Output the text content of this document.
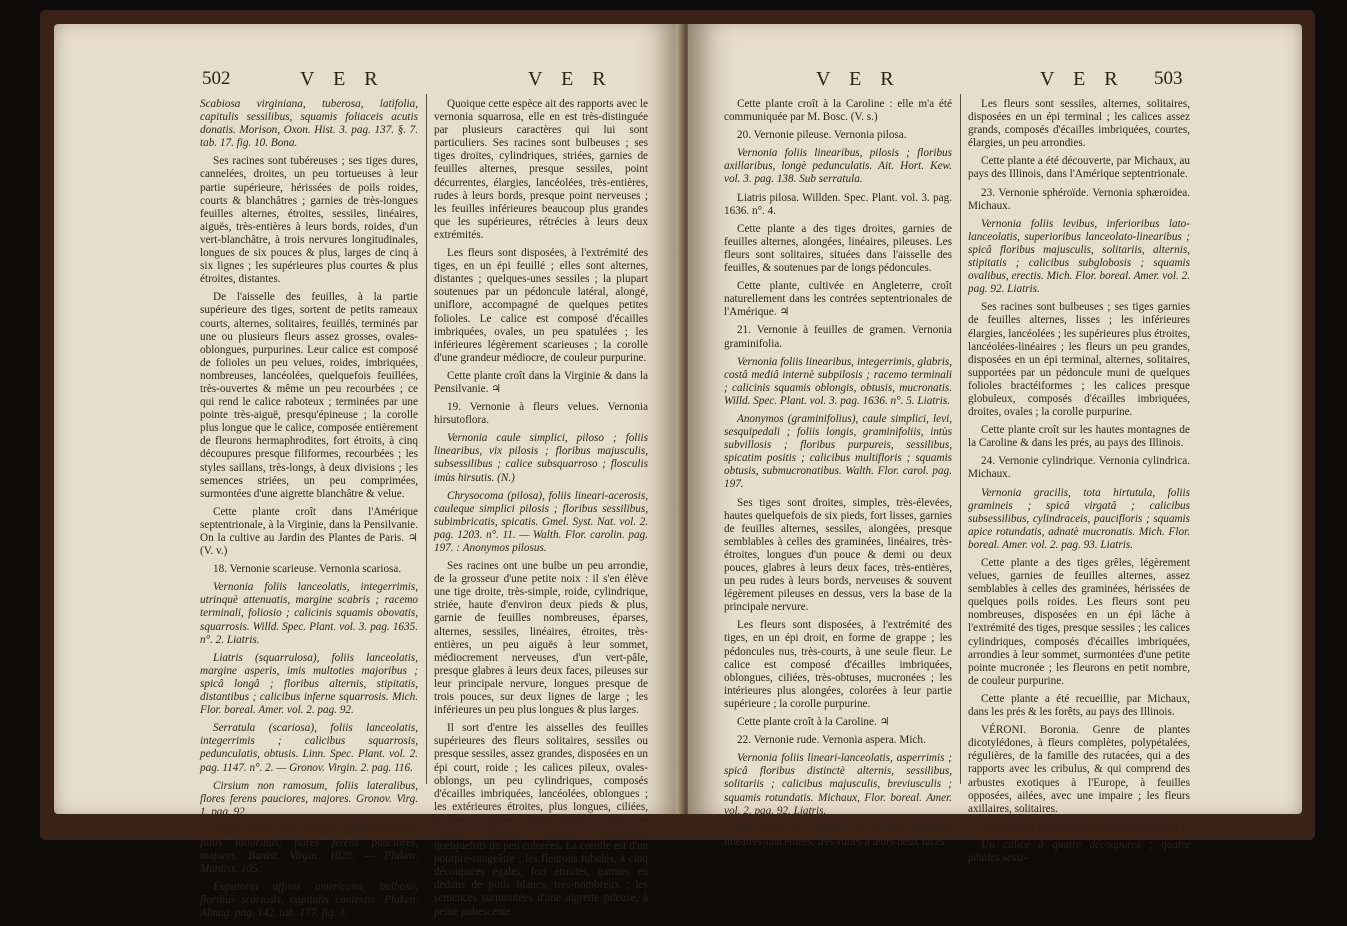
502	V E R	V E R

Scabiosa virginiana, tuberosa, latifolia, capitulis sessilibus, squamis foliaceis acutis donatis. Morison, Oxon. Hist. 3. pag. 137. §. 7. tab. 17. fig. 10. Bona.

Ses racines sont tubéreuses ; ses tiges dures, cannelées, droites, un peu tortueuses à leur partie supérieure, hérissées de poils roides, courts & blanchâtres ; garnies de très-longues feuilles alternes, étroites, sessiles, linéaires, aiguës, très-entières à leurs bords, roides, d'un vert-blanchâtre, à trois nervures longitudinales, longues de six pouces & plus, larges de cinq à six lignes ; les supérieures plus courtes & plus étroites, distantes.

De l'aisselle des feuilles, à la partie supérieure des tiges, sortent de petits rameaux courts, alternes, solitaires, feuillés, terminés par une ou plusieurs fleurs assez grosses, ovales-oblongues, purpurines. Leur calice est composé de folioles un peu velues, roides, imbriquées, nombreuses, lancéolées, quelquefois feuillées, très-ouvertes & même un peu recourbées ; ce qui rend le calice raboteux ; terminées par une pointe très-aiguë, presqu'épineuse ; la corolle plus longue que le calice, composée entièrement de fleurons hermaphrodites, fort étroits, à cinq découpures presque filiformes, recourbées ; les styles saillans, très-longs, à deux divisions ; les semences striées, un peu comprimées, surmontées d'une aigrette blanchâtre & velue.

Cette plante croît dans l'Amérique septentrionale, à la Virginie, dans la Pensilvanie. On la cultive au Jardin des Plantes de Paris. ♃ (V. v.)

18. Vernonie scarieuse. Vernonia scariosa.

Vernonia foliis lanceolatis, integerrimis, utrinquè attenuatis, margine scabris ; racemo terminali, foliosio ; calicinis squamis obovatis, squarrosis. Willd. Spec. Plant. vol. 3. pag. 1635. n°. 2. Liatris.

Liatris (squarrulosa), foliis lanceolatis, margine asperis, imis multoties majoribus ; spicâ longâ ; floribus alternis, stipitatis, distantibus ; calicibus inferne squarrosis. Mich. Flor. boreal. Amer. vol. 2. pag. 92.

Serratula (scariosa), foliis lanceolatis, integerrimis ; calicibus squarrosis, pedunculatis, obtusis. Linn. Spec. Plant. vol. 2. pag. 1147. n°. 2. — Gronov. Virgin. 2. pag. 116.

Cirsium non ramosum, foliis lateralibus, flores ferens pauciores, majores. Gronov. Virg. 1. pag. 92.

Jacea altera, non ramosa, tuberosâ radice, foliis latioribus, flores ferens pauciores, majores. Banist. Virgin. 1028. — Pluken. Mantiss. 105.

Eupatoria affinis americana, bulbosa, floribus scariosis, capitulis contextis. Pluken. Almag. pag. 142. tab. 177. fig. 4.

Quoique cette espèce ait des rapports avec le vernonia squarrosa, elle en est très-distinguée par plusieurs caractères qui lui sont particuliers. Ses racines sont bulbeuses ; ses tiges droites, cylindriques, striées, garnies de feuilles alternes, presque sessiles, point décurrentes, élargies, lancéolées, très-entières, rudes à leurs bords, presque point nerveuses ; les feuilles inférieures beaucoup plus grandes que les supérieures, rétrécies à leurs deux extrémités.

Les fleurs sont disposées, à l'extrémité des tiges, en un épi feuillé ; elles sont alternes, distantes ; quelques-unes sessiles ; la plupart soutenues par un pédoncule latéral, alongé, uniflore, accompagné de quelques petites folioles. Le calice est composé d'écailles imbriquées, ovales, un peu spatulées ; les inférieures légèrement scarieuses ; la corolle d'une grandeur médiocre, de couleur purpurine.

Cette plante croît dans la Virginie & dans la Pensilvanie. ♃

19. Vernonie à fleurs velues. Vernonia hirsutoflora.

Vernonia caule simplici, piloso ; foliis linearibus, vix pilosis ; floribus majusculis, subsessilibus ; calice subsquarroso ; flosculis imùs hirsutis. (N.)

Chrysocoma (pilosa), foliis lineari-acerosis, cauleque simplici pilosis ; floribus sessilibus, subimbricatis, spicatis. Gmel. Syst. Nat. vol. 2. pag. 1203. n°. 11. — Walth. Flor. carolin. pag. 197. : Anonymos pilosus.

Ses racines ont une bulbe un peu arrondie, de la grosseur d'une petite noix : il s'en élève une tige droite, très-simple, roide, cylindrique, striée, haute d'environ deux pieds & plus, garnie de feuilles nombreuses, éparses, alternes, sessiles, linéaires, étroites, très-entières, un peu aiguës à leur sommet, médiocrement nerveuses, d'un vert-pâle, presque glabres à leurs deux faces, pileuses sur leur principale nervure, longues presque de trois pouces, sur deux lignes de large ; les inférieures un peu plus longues & plus larges.

Il sort d'entre les aisselles des feuilles supérieures des fleurs solitaires, sessiles ou presque sessiles, assez grandes, disposées en un épi court, roide ; les calices pileux, ovales-oblongs, un peu cylindriques, composés d'écailles imbriquées, lancéolées, oblongues ; les extérieures étroites, plus longues, ciliées, très-ouvertes, fort aiguës ; les intérieures plus larges, obtuses, presque mucronées, quelquefois un peu colorées. La corolle est d'un pourpre-rougeâtre ; les fleurons tubulés, à cinq découpures égales, fort étroites, garnies en dedans de poils blancs, très-nombreux ; les semences surmontées d'une aigrette pileuse, à peine pubescente.

V E R	V E R 503

Cette plante croît à la Caroline : elle m'a été communiquée par M. Bosc. (V. s.)

20. Vernonie pileuse. Vernonia pilosa.

Vernonia foliis linearibus, pilosis ; floribus axillaribus, longè pedunculatis. Ait. Hort. Kew. vol. 3. pag. 138. Sub serratula.

Liatris pilosa. Willden. Spec. Plant. vol. 3. pag. 1636. n°. 4.

Cette plante a des tiges droites, garnies de feuilles alternes, alongées, linéaires, pileuses. Les fleurs sont solitaires, situées dans l'aisselle des feuilles, & soutenues par de longs pédoncules.

Cette plante, cultivée en Angleterre, croît naturellement dans les contrées septentrionales de l'Amérique. ♃

21. Vernonie à feuilles de gramen. Vernonia graminifolia.

Vernonia foliis linearibus, integerrimis, glabris, costâ mediâ internè subpilosis ; racemo terminali ; calicinis squamis oblongis, obtusis, mucronatis. Willd. Spec. Plant. vol. 3. pag. 1636. n°. 5. Liatris.

Anonymos (graminifolius), caule simplici, levi, sesquipedali ; foliis longis, graminifoliis, intùs subvillosis ; floribus purpureis, sessilibus, spicatim positis ; calicibus multifloris ; squamis obtusis, submucronatibus. Walth. Flor. carol. pag. 197.

Ses tiges sont droites, simples, très-élevées, hautes quelquefois de six pieds, fort lisses, garnies de feuilles alternes, sessiles, alongées, presque semblables à celles des graminées, linéaires, très-étroites, longues d'un pouce & demi ou deux pouces, glabres à leurs deux faces, très-entières, un peu rudes à leurs bords, nerveuses & souvent légèrement pileuses en dessus, vers la base de la principale nervure.

Les fleurs sont disposées, à l'extrémité des tiges, en un épi droit, en forme de grappe ; les pédoncules nus, très-courts, à une seule fleur. Le calice est composé d'écailles imbriquées, oblongues, ciliées, très-obtuses, mucronées ; les intérieures plus alongées, colorées à leur partie supérieure ; la corolle purpurine.

Cette plante croît à la Caroline. ♃

22. Vernonie rude. Vernonia aspera. Mich.

Vernonia foliis lineari-lanceolatis, asperrimis ; spicâ floribus distinctè alternis, sessilibus, solitariis ; calicibus majusculis, breviusculis ; squamis rotundatis. Michaux, Flor. boreal. Amer. vol. 2. pag. 92. Liatris.

Ses tiges sont garnies de feuilles alternes, linéaires-lancéolées, très-rudes à leurs deux faces.

Les fleurs sont sessiles, alternes, solitaires, disposées en un épi terminal ; les calices assez grands, composés d'écailles imbriquées, courtes, élargies, un peu arrondies.

Cette plante a été découverte, par Michaux, au pays des Illinois, dans l'Amérique septentrionale.

23. Vernonie sphéroïde. Vernonia sphæroidea. Michaux.

Vernonia foliis levibus, inferioribus lato-lanceolatis, superioribus lanceolato-linearibus ; spicâ floribus majusculis, solitariis, alternis, stipitatis ; calicibus subglobosis ; squamis ovalibus, erectis. Mich. Flor. boreal. Amer. vol. 2. pag. 92. Liatris.

Ses racines sont bulbeuses ; ses tiges garnies de feuilles alternes, lisses ; les inférieures élargies, lancéolées ; les supérieures plus étroites, lancéolées-linéaires ; les fleurs un peu grandes, disposées en un épi terminal, alternes, solitaires, supportées par un pédoncule muni de quelques folioles bractéiformes ; les calices presque globuleux, composés d'écailles imbriquées, droites, ovales ; la corolle purpurine.

Cette plante croît sur les hautes montagnes de la Caroline & dans les prés, au pays des Illinois.

24. Vernonie cylindrique. Vernonia cylindrica. Michaux.

Vernonia gracilis, tota hirtutula, foliis gramineis ; spicâ virgatâ ; calicibus subsessilibus, cylindraceis, paucifloris ; squamis apice rotundatis, adnatè mucronatis. Mich. Flor. boreal. Amer. vol. 2. pag. 93. Liatris.

Cette plante a des tiges grêles, légèrement velues, garnies de feuilles alternes, assez semblables à celles des graminées, hérissées de quelques poils roides. Les fleurs sont peu nombreuses, disposées en un épi lâche à l'extrémité des tiges, presque sessiles ; les calices cylindriques, composés d'écailles imbriquées, arrondies à leur sommet, surmontées d'une petite pointe mucronée ; les fleurons en petit nombre, de couleur purpurine.

Cette plante a été recueillie, par Michaux, dans les prés & les forêts, au pays des Illinois.

VÉRONI. Boronia. Genre de plantes dicotylédones, à fleurs complètes, polypétalées, régulières, de la famille des rutacées, qui a des rapports avec les cribulus, & qui comprend des arbustes exotiques à l'Europe, à feuilles opposées, ailées, avec une impaire ; les fleurs axillaires, solitaires.

Le caractère essentiel de ce genre est d'avoir :

Un calice à quatre découpures ; quatre pétales sessi-
